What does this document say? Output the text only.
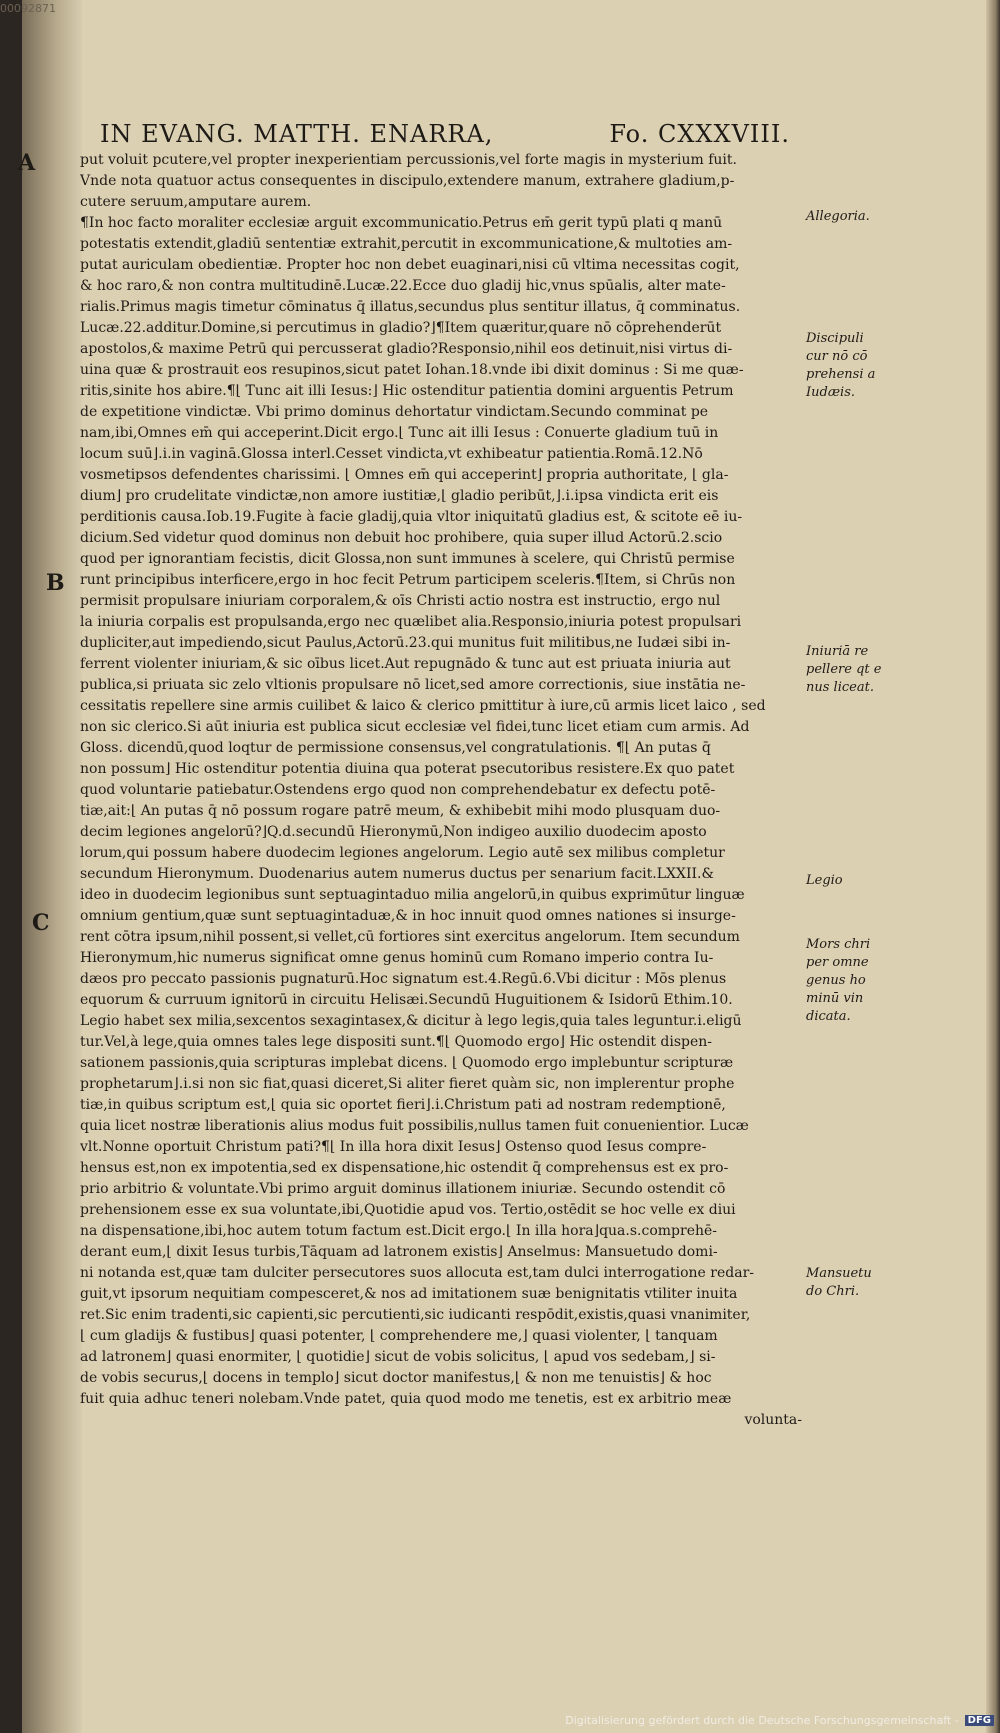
00092871
IN EVANG. MATTH. ENARRA,	Fo. CXXXVIII.
A
B
C
put voluit pcutere,vel propter inexperientiam percussionis,vel forte magis in mysterium fuit.
Vnde nota quatuor actus consequentes in discipulo,extendere manum, extrahere gladium,p-
cutere seruum,amputare aurem.
¶In hoc facto moraliter ecclesiæ arguit excommunicatio.Petrus em̄ gerit typū plati q manū
potestatis extendit,gladiū sententiæ extrahit,percutit in excommunicatione,& multoties am-
putat auriculam obedientiæ. Propter hoc non debet euaginari,nisi cū vltima necessitas cogit,
& hoc raro,& non contra multitudinē.Lucæ.22.Ecce duo gladij hic,vnus spūalis, alter mate-
rialis.Primus magis timetur cōminatus q̄ illatus,secundus plus sentitur illatus, q̄ comminatus.
Lucæ.22.additur.Domine,si percutimus in gladio?⌋¶Item quæritur,quare nō cōprehenderūt
apostolos,& maxime Petrū qui percusserat gladio?Responsio,nihil eos detinuit,nisi virtus di-
uina quæ & prostrauit eos resupinos,sicut patet Iohan.18.vnde ibi dixit dominus : Si me quæ-
ritis,sinite hos abire.¶⌊ Tunc ait illi Iesus:⌋ Hic ostenditur patientia domini arguentis Petrum
de expetitione vindictæ. Vbi primo dominus dehortatur vindictam.Secundo comminat pe
nam,ibi,Omnes em̄ qui acceperint.Dicit ergo.⌊ Tunc ait illi Iesus : Conuerte gladium tuū in
locum suū⌋.i.in vaginā.Glossa interl.Cesset vindicta,vt exhibeatur patientia.Romā.12.Nō
vosmetipsos defendentes charissimi. ⌊ Omnes em̄ qui acceperint⌋ propria authoritate, ⌊ gla-
dium⌋ pro crudelitate vindictæ,non amore iustitiæ,⌊ gladio peribūt,⌋.i.ipsa vindicta erit eis
perditionis causa.Iob.19.Fugite à facie gladij,quia vltor iniquitatū gladius est, & scitote eē iu-
dicium.Sed videtur quod dominus non debuit hoc prohibere, quia super illud Actorū.2.scio
quod per ignorantiam fecistis, dicit Glossa,non sunt immunes à scelere, qui Christū permise
runt principibus interficere,ergo in hoc fecit Petrum participem sceleris.¶Item, si Chrūs non
permisit propulsare iniuriam corporalem,& oīs Christi actio nostra est instructio, ergo nul
la iniuria corpalis est propulsanda,ergo nec quælibet alia.Responsio,iniuria potest propulsari
dupliciter,aut impediendo,sicut Paulus,Actorū.23.qui munitus fuit militibus,ne Iudæi sibi in-
ferrent violenter iniuriam,& sic oībus licet.Aut repugnādo & tunc aut est priuata iniuria aut
publica,si priuata sic zelo vltionis propulsare nō licet,sed amore correctionis, siue instātia ne-
cessitatis repellere sine armis cuilibet & laico & clerico pmittitur à iure,cū armis licet laico , sed
non sic clerico.Si aūt iniuria est publica sicut ecclesiæ vel fidei,tunc licet etiam cum armis. Ad
Gloss. dicendū,quod loqtur de permissione consensus,vel congratulationis. ¶⌊ An putas q̄
non possum⌋ Hic ostenditur potentia diuina qua poterat psecutoribus resistere.Ex quo patet
quod voluntarie patiebatur.Ostendens ergo quod non comprehendebatur ex defectu potē-
tiæ,ait:⌊ An putas q̄ nō possum rogare patrē meum, & exhibebit mihi modo plusquam duo-
decim legiones angelorū?⌋Q.d.secundū Hieronymū,Non indigeo auxilio duodecim aposto
lorum,qui possum habere duodecim legiones angelorum. Legio autē sex milibus completur
secundum Hieronymum. Duodenarius autem numerus ductus per senarium facit.LXXII.&
ideo in duodecim legionibus sunt septuagintaduo milia angelorū,in quibus exprimūtur linguæ
omnium gentium,quæ sunt septuagintaduæ,& in hoc innuit quod omnes nationes si insurge-
rent cōtra ipsum,nihil possent,si vellet,cū fortiores sint exercitus angelorum. Item secundum
Hieronymum,hic numerus significat omne genus hominū cum Romano imperio contra Iu-
dæos pro peccato passionis pugnaturū.Hoc signatum est.4.Regū.6.Vbi dicitur : Mōs plenus
equorum & curruum ignitorū in circuitu Helisæi.Secundū Huguitionem & Isidorū Ethim.10.
Legio habet sex milia,sexcentos sexagintasex,& dicitur à lego legis,quia tales leguntur.i.eligū
tur.Vel,à lege,quia omnes tales lege dispositi sunt.¶⌊ Quomodo ergo⌋ Hic ostendit dispen-
sationem passionis,quia scripturas implebat dicens. ⌊ Quomodo ergo implebuntur scripturæ
prophetarum⌋.i.si non sic fiat,quasi diceret,Si aliter fieret quàm sic, non implerentur prophe
tiæ,in quibus scriptum est,⌊ quia sic oportet fieri⌋.i.Christum pati ad nostram redemptionē,
quia licet nostræ liberationis alius modus fuit possibilis,nullus tamen fuit conuenientior. Lucæ
vlt.Nonne oportuit Christum pati?¶⌊ In illa hora dixit Iesus⌋ Ostenso quod Iesus compre-
hensus est,non ex impotentia,sed ex dispensatione,hic ostendit q̄ comprehensus est ex pro-
prio arbitrio & voluntate.Vbi primo arguit dominus illationem iniuriæ. Secundo ostendit cō
prehensionem esse ex sua voluntate,ibi,Quotidie apud vos. Tertio,ostēdit se hoc velle ex diui
na dispensatione,ibi,hoc autem totum factum est.Dicit ergo.⌊ In illa hora⌋qua.s.comprehē-
derant eum,⌊ dixit Iesus turbis,Tāquam ad latronem existis⌋ Anselmus: Mansuetudo domi-
ni notanda est,quæ tam dulciter persecutores suos allocuta est,tam dulci interrogatione redar-
guit,vt ipsorum nequitiam compesceret,& nos ad imitationem suæ benignitatis vtiliter inuita
ret.Sic enim tradenti,sic capienti,sic percutienti,sic iudicanti respōdit,existis,quasi vnanimiter,
⌊ cum gladijs & fustibus⌋ quasi potenter, ⌊ comprehendere me,⌋ quasi violenter, ⌊ tanquam
ad latronem⌋ quasi enormiter, ⌊ quotidie⌋ sicut de vobis solicitus, ⌊ apud vos sedebam,⌋ si-
de vobis securus,⌊ docens in templo⌋ sicut doctor manifestus,⌊ & non me tenuistis⌋ & hoc
fuit quia adhuc teneri nolebam.Vnde patet, quia quod modo me tenetis, est ex arbitrio meæ
volunta-
Allegoria.
Discipuli cur nō cō prehensi a Iudæis.
Iniuriā re pellere qt e nus liceat.
Legio
Mors chri per omne genus ho minū vin dicata.
Mansuetu do Chri.
Digitalisierung gefördert durch die Deutsche Forschungsgemeinschaft - DFG
